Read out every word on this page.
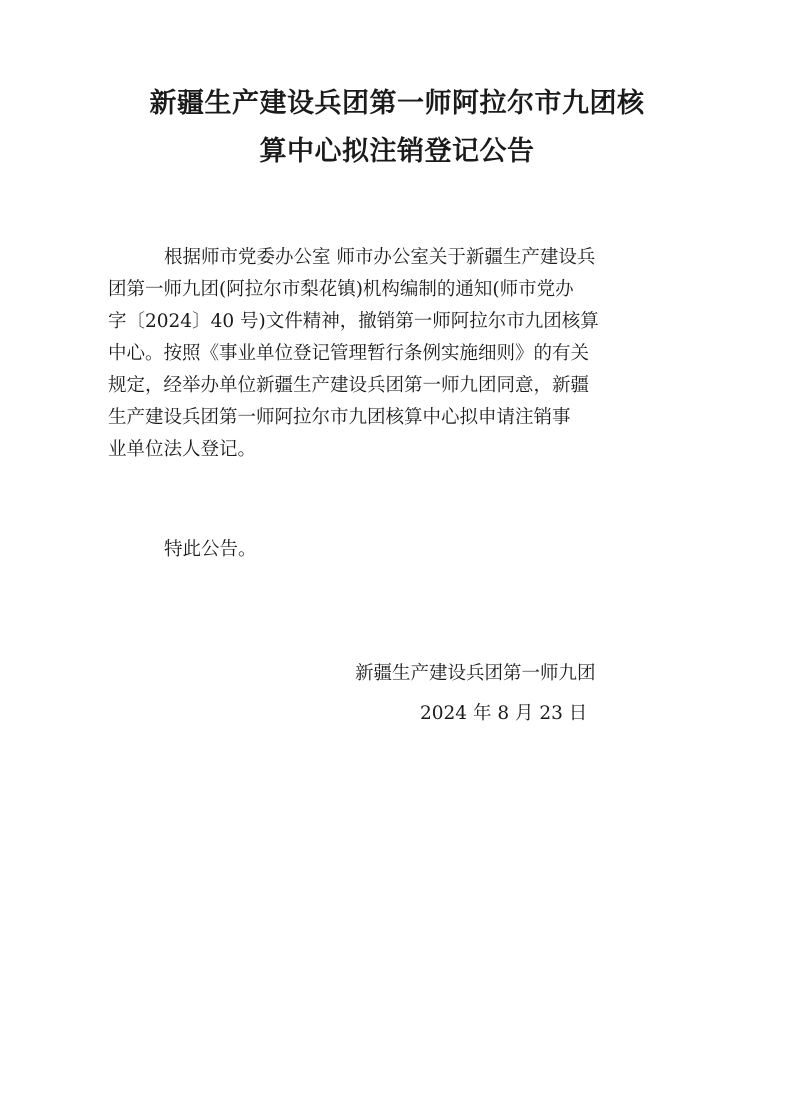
新疆生产建设兵团第一师阿拉尔市九团核
算中心拟注销登记公告
根据师市党委办公室 师市办公室关于新疆生产建设兵
团第一师九团(阿拉尔市梨花镇)机构编制的通知(师市党办
字〔2024〕40 号)文件精神，撤销第一师阿拉尔市九团核算
中心。按照《事业单位登记管理暂行条例实施细则》的有关
规定，经举办单位新疆生产建设兵团第一师九团同意，新疆
生产建设兵团第一师阿拉尔市九团核算中心拟申请注销事
业单位法人登记。
特此公告。
新疆生产建设兵团第一师九团
2024 年 8 月 23 日
